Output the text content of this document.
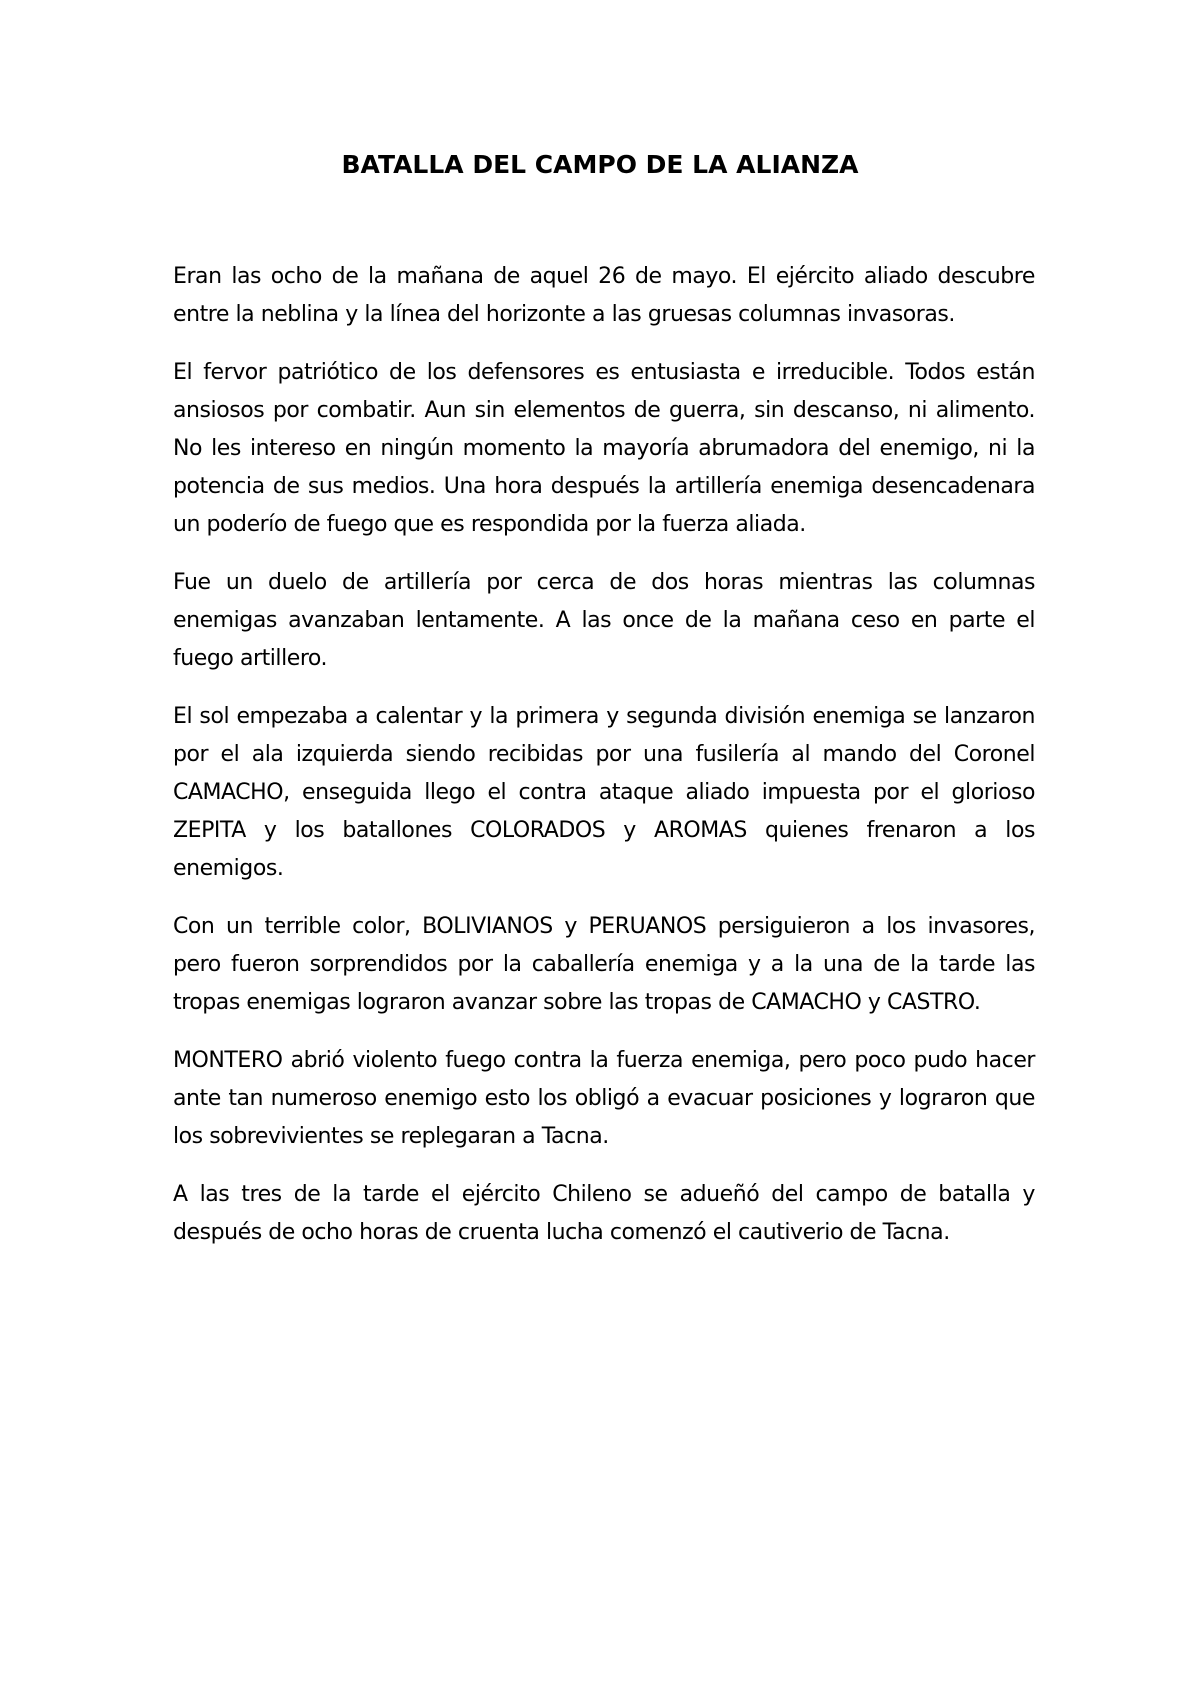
BATALLA DEL CAMPO DE LA ALIANZA

Eran las ocho de la mañana de aquel 26 de mayo. El ejército aliado descubre entre la neblina y la línea del horizonte a las gruesas columnas invasoras.

El fervor patriótico de los defensores es entusiasta e irreducible. Todos están ansiosos por combatir. Aun sin elementos de guerra, sin descanso, ni alimento. No les intereso en ningún momento la mayoría abrumadora del enemigo, ni la potencia de sus medios. Una hora después la artillería enemiga desencadenara un poderío de fuego que es respondida por la fuerza aliada.

Fue un duelo de artillería por cerca de dos horas mientras las columnas enemigas avanzaban lentamente. A las once de la mañana ceso en parte el fuego artillero.

El sol empezaba a calentar y la primera y segunda división enemiga se lanzaron por el ala izquierda siendo recibidas por una fusilería al mando del Coronel CAMACHO, enseguida llego el contra ataque aliado impuesta por el glorioso ZEPITA y los batallones COLORADOS y AROMAS quienes frenaron a los enemigos.

Con un terrible color, BOLIVIANOS y PERUANOS persiguieron a los invasores, pero fueron sorprendidos por la caballería enemiga y a la una de la tarde las tropas enemigas lograron avanzar sobre las tropas de CAMACHO y CASTRO.

MONTERO abrió violento fuego contra la fuerza enemiga, pero poco pudo hacer ante tan numeroso enemigo esto los obligó a evacuar posiciones y lograron que los sobrevivientes se replegaran a Tacna.

A las tres de la tarde el ejército Chileno se adueñó del campo de batalla y después de ocho horas de cruenta lucha comenzó el cautiverio de Tacna.
